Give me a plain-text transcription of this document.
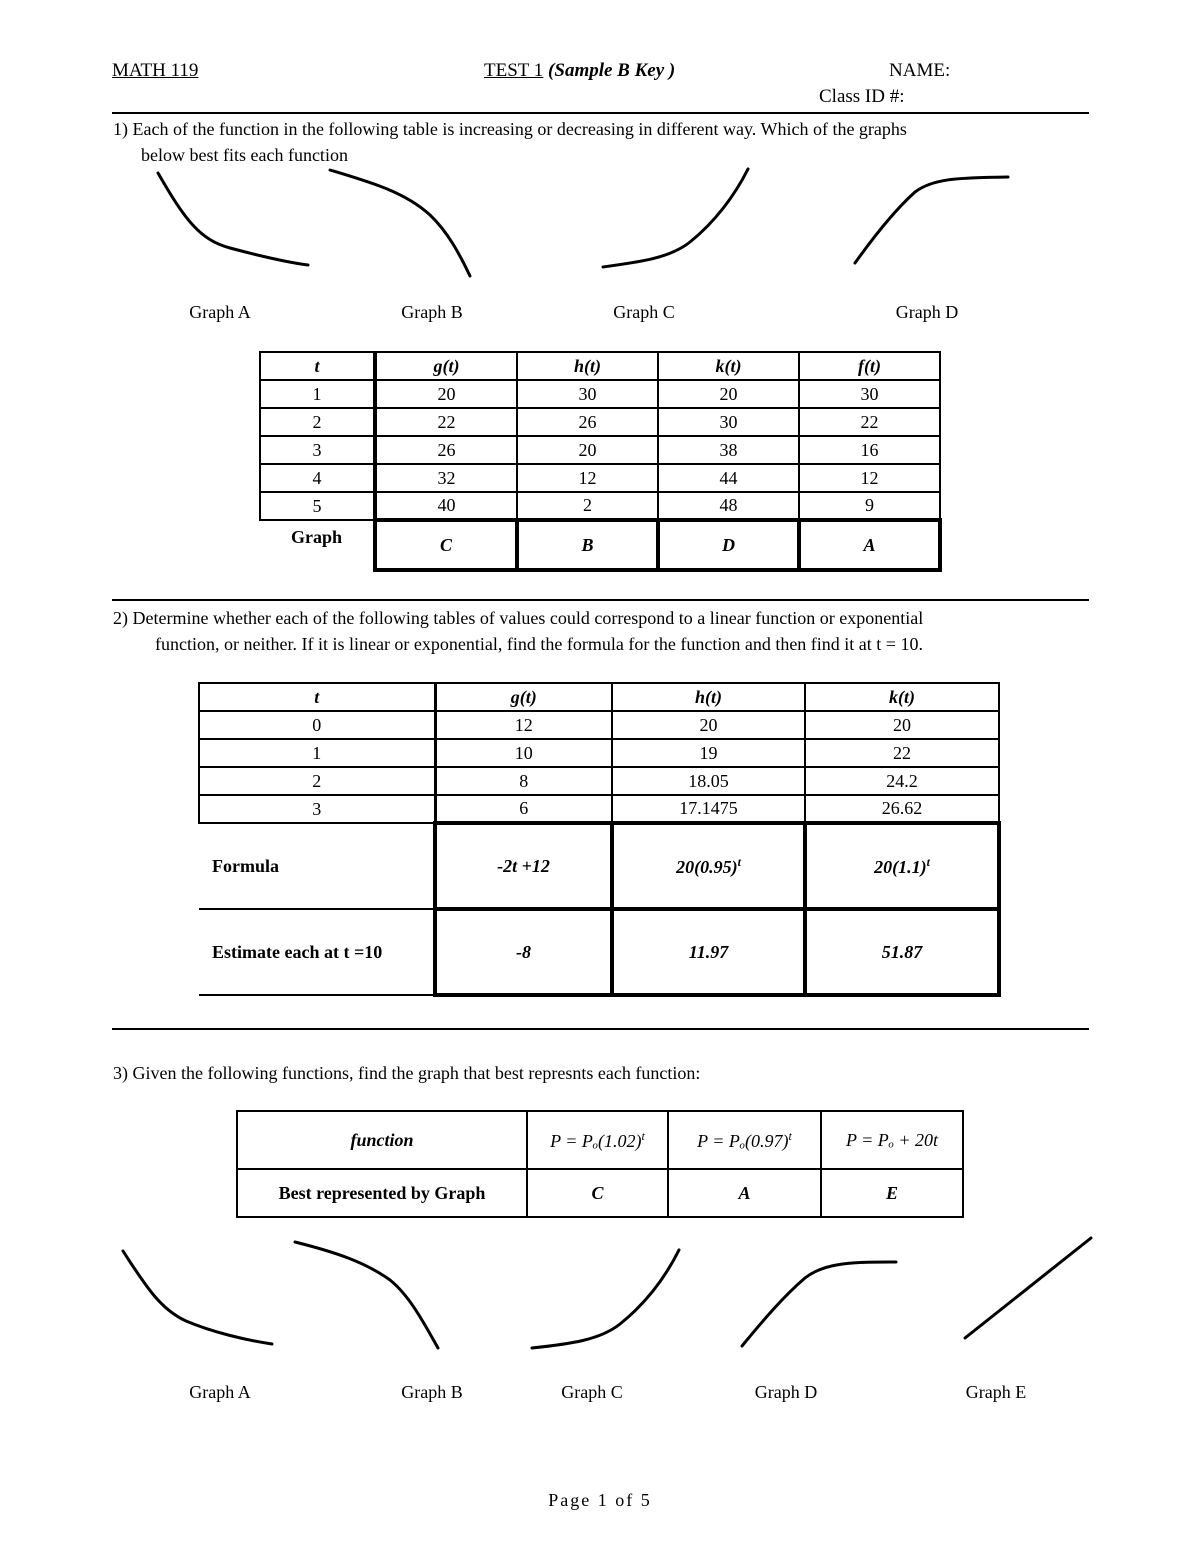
MATH 119	TEST 1 (Sample B Key )	NAME:
Class ID #:
1) Each of the function in the following table is increasing or decreasing in different way. Which of the graphs
below best fits each function
Graph A	Graph B	Graph C	Graph D
t	g(t)	h(t)	k(t)	f(t)
1	20	30	20	30
2	22	26	30	22
3	26	20	38	16
4	32	12	44	12
5	40	2	48	9
Graph	C	B	D	A
2) Determine whether each of the following tables of values could correspond to a linear function or exponential
function, or neither. If it is linear or exponential, find the formula for the function and then find it at t = 10.
t	g(t)	h(t)	k(t)
0	12	20	20
1	10	19	22
2	8	18.05	24.2
3	6	17.1475	26.62
Formula	-2t +12	$20(0.95)^t$	$20(1.1)^t$
Estimate each at t =10	-8	11.97	51.87
3) Given the following functions, find the graph that best represnts each function:
function	$P = P_o(1.02)^t$	$P = P_o(0.97)^t$	P = Pₒ + 20t
Best represented by Graph	C	A	E
Graph A	Graph B	Graph C	Graph D	Graph E
Page 1 of 5
